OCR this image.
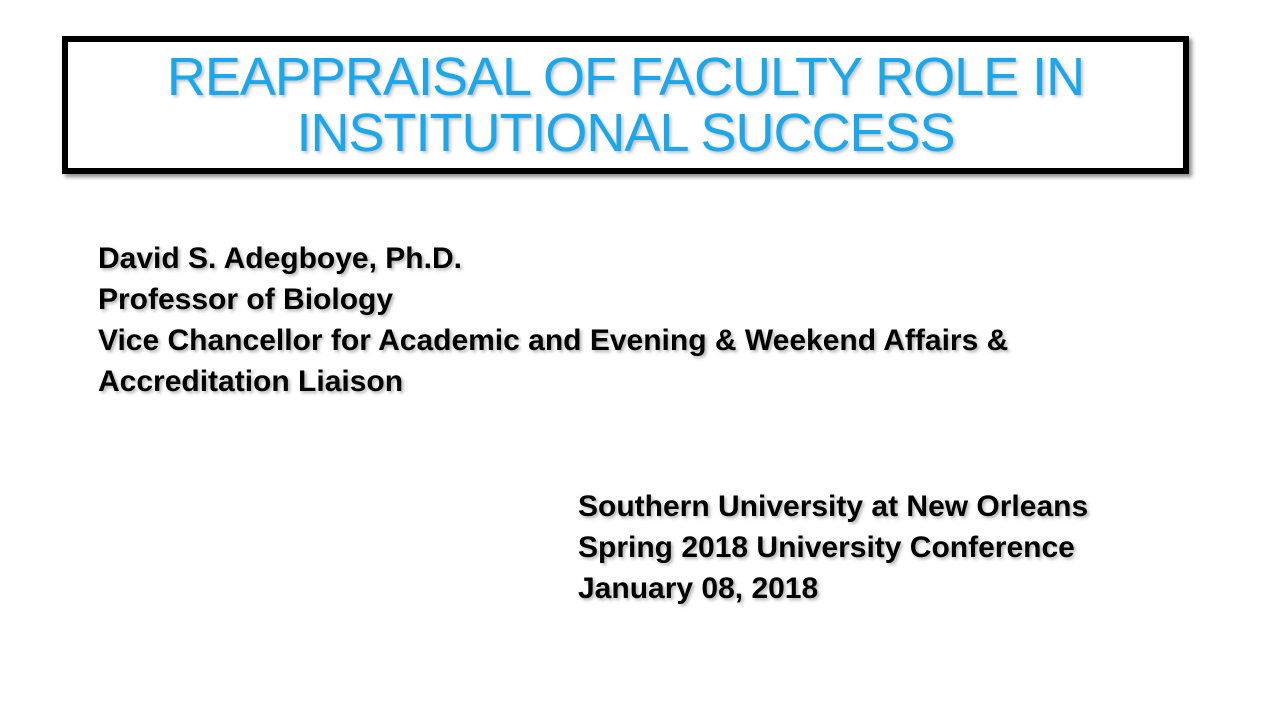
REAPPRAISAL OF FACULTY ROLE IN
INSTITUTIONAL SUCCESS
David S. Adegboye, Ph.D.
Professor of Biology
Vice Chancellor for Academic and Evening & Weekend Affairs &
Accreditation Liaison
Southern University at New Orleans
Spring 2018 University Conference
January 08, 2018
